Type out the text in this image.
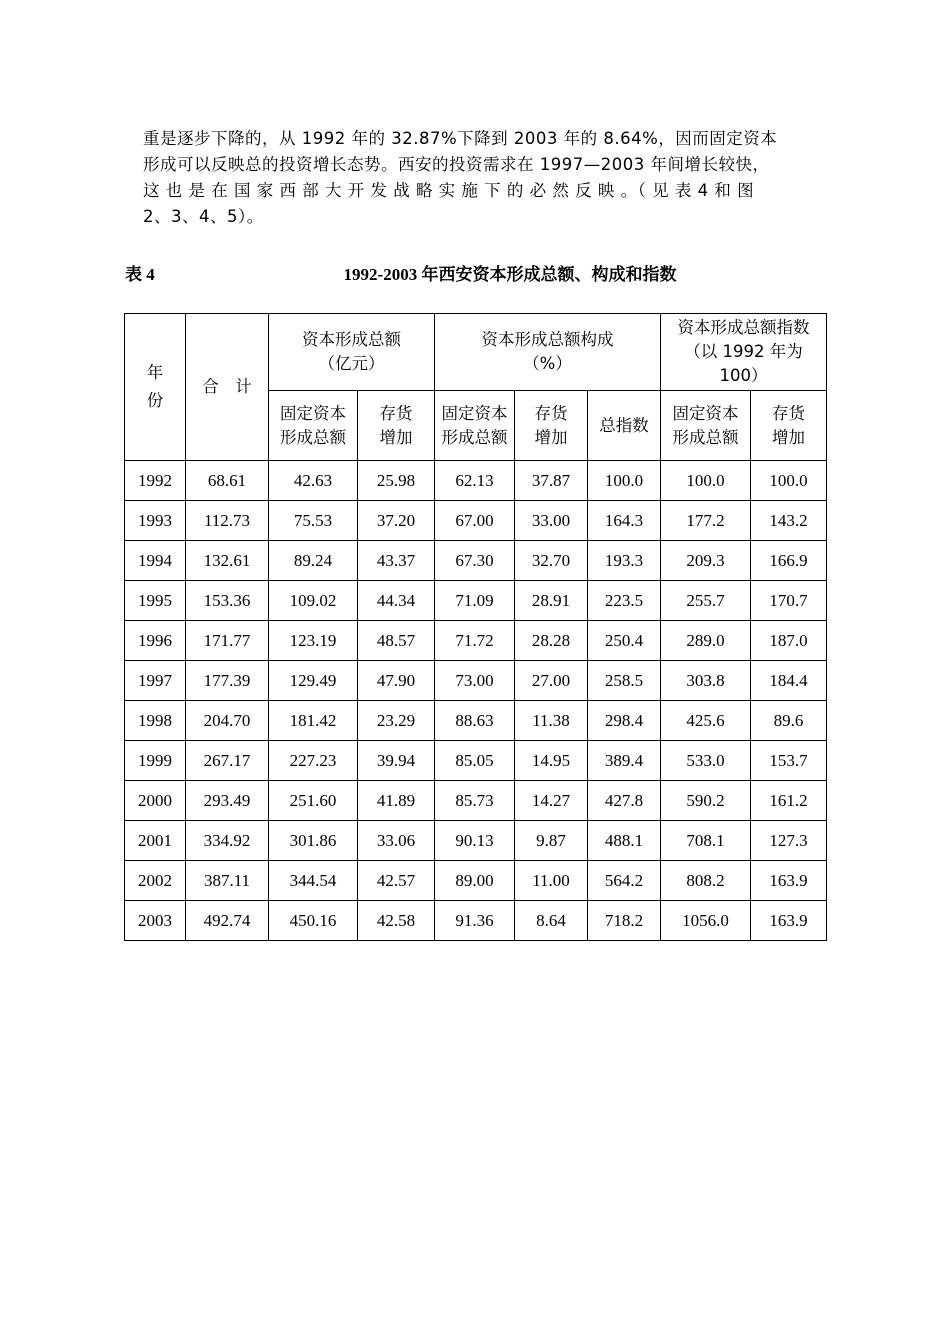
重是逐步下降的，从 1992 年的 32.87%下降到 2003 年的 8.64%，因而固定资本
形成可以反映总的投资增长态势。西安的投资需求在 1997—2003 年间增长较快，
这 也 是 在 国 家 西 部 大 开 发 战 略 实 施 下 的 必 然 反 映 。（ 见 表 4 和 图
2、3、4、5）。
表 4	1992-2003 年西安资本形成总额、构成和指数
年份	合　计	资本形成总额（亿元）		资本形成总额构成（%）			资本形成总额指数（以 1992 年为 100）	

		固定资本形成总额	存货增加	固定资本形成总额	存货增加	总指数	固定资本形成总额	存货增加

1992	68.61	42.63	25.98	62.13	37.87	100.0	100.0	100.0
1993	112.73	75.53	37.20	67.00	33.00	164.3	177.2	143.2
1994	132.61	89.24	43.37	67.30	32.70	193.3	209.3	166.9
1995	153.36	109.02	44.34	71.09	28.91	223.5	255.7	170.7
1996	171.77	123.19	48.57	71.72	28.28	250.4	289.0	187.0
1997	177.39	129.49	47.90	73.00	27.00	258.5	303.8	184.4
1998	204.70	181.42	23.29	88.63	11.38	298.4	425.6	89.6
1999	267.17	227.23	39.94	85.05	14.95	389.4	533.0	153.7
2000	293.49	251.60	41.89	85.73	14.27	427.8	590.2	161.2
2001	334.92	301.86	33.06	90.13	9.87	488.1	708.1	127.3
2002	387.11	344.54	42.57	89.00	11.00	564.2	808.2	163.9
2003	492.74	450.16	42.58	91.36	8.64	718.2	1056.0	163.9
